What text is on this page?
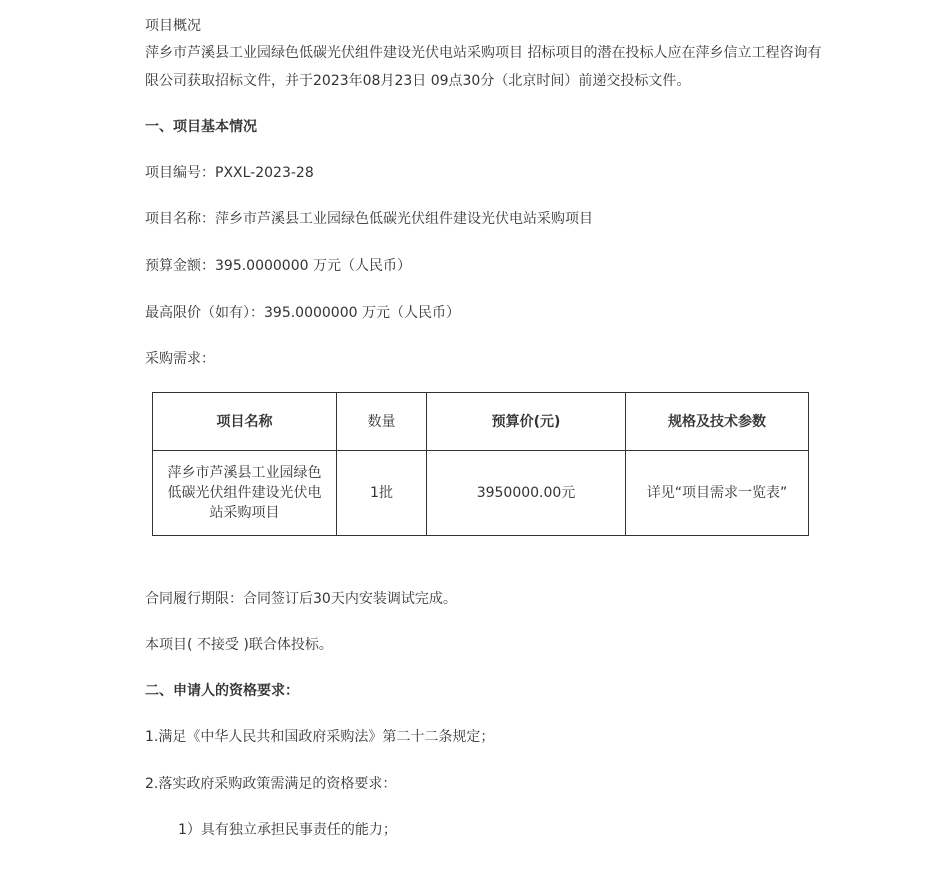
项目概况
萍乡市芦溪县工业园绿色低碳光伏组件建设光伏电站采购项目 招标项目的潜在投标人应在萍乡信立工程咨询有
限公司获取招标文件，并于2023年08月23日 09点30分（北京时间）前递交投标文件。
一、项目基本情况
项目编号：PXXL-2023-28
项目名称：萍乡市芦溪县工业园绿色低碳光伏组件建设光伏电站采购项目
预算金额：395.0000000 万元（人民币）
最高限价（如有）：395.0000000 万元（人民币）
采购需求：
项目名称	数量	预算价(元)	规格及技术参数
萍乡市芦溪县工业园绿色低碳光伏组件建设光伏电站采购项目	1批	3950000.00元	详见“项目需求一览表”
合同履行期限：合同签订后30天内安装调试完成。
本项目( 不接受 )联合体投标。
二、申请人的资格要求：
1.满足《中华人民共和国政府采购法》第二十二条规定；
2.落实政府采购政策需满足的资格要求：
1）具有独立承担民事责任的能力；
